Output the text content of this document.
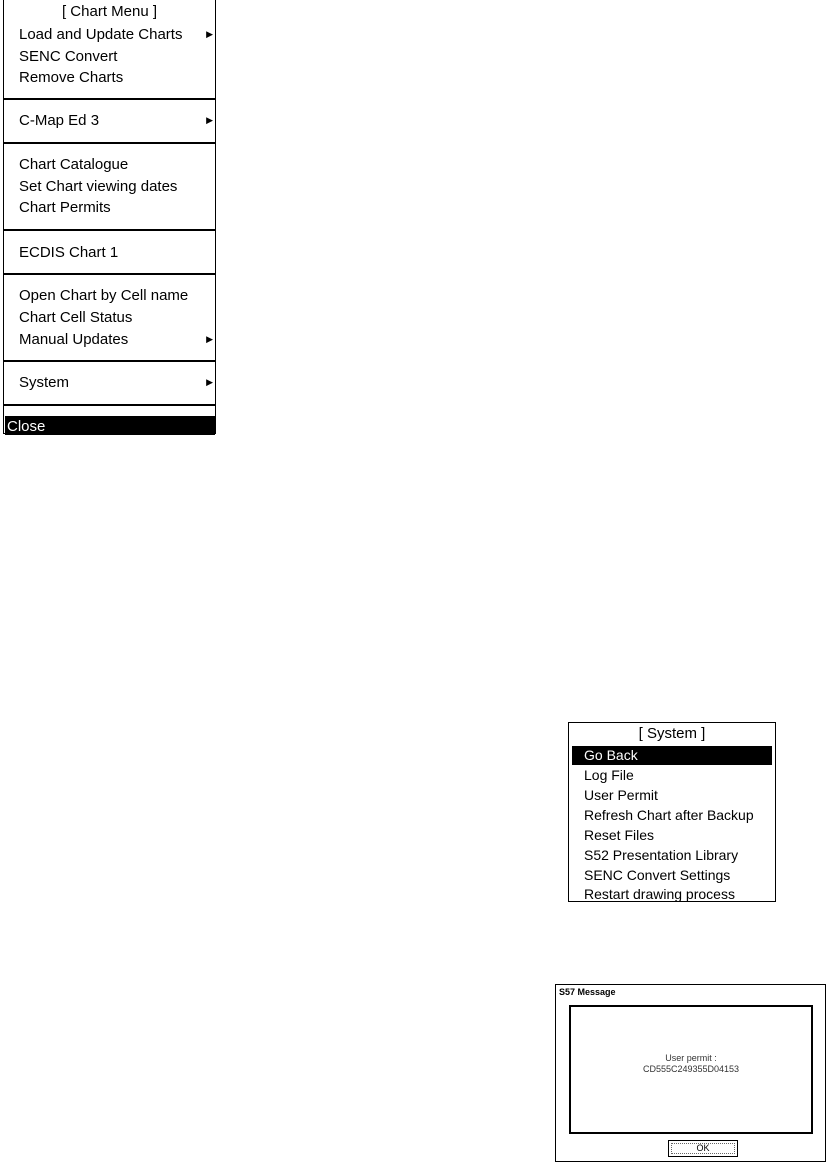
[ Chart Menu ]
Load and Update Charts	▶
SENC Convert
Remove Charts
C-Map Ed 3	▶
Chart Catalogue
Set Chart viewing dates
Chart Permits
ECDIS Chart 1
Open Chart by Cell name
Chart Cell Status
Manual Updates	▶
System	▶
Close
[ System ]
Go Back
Log File
User Permit
Refresh Chart after Backup
Reset Files
S52 Presentation Library
SENC Convert Settings
Restart drawing process
S57 Message
User permit :
CD555C249355D04153
OK
